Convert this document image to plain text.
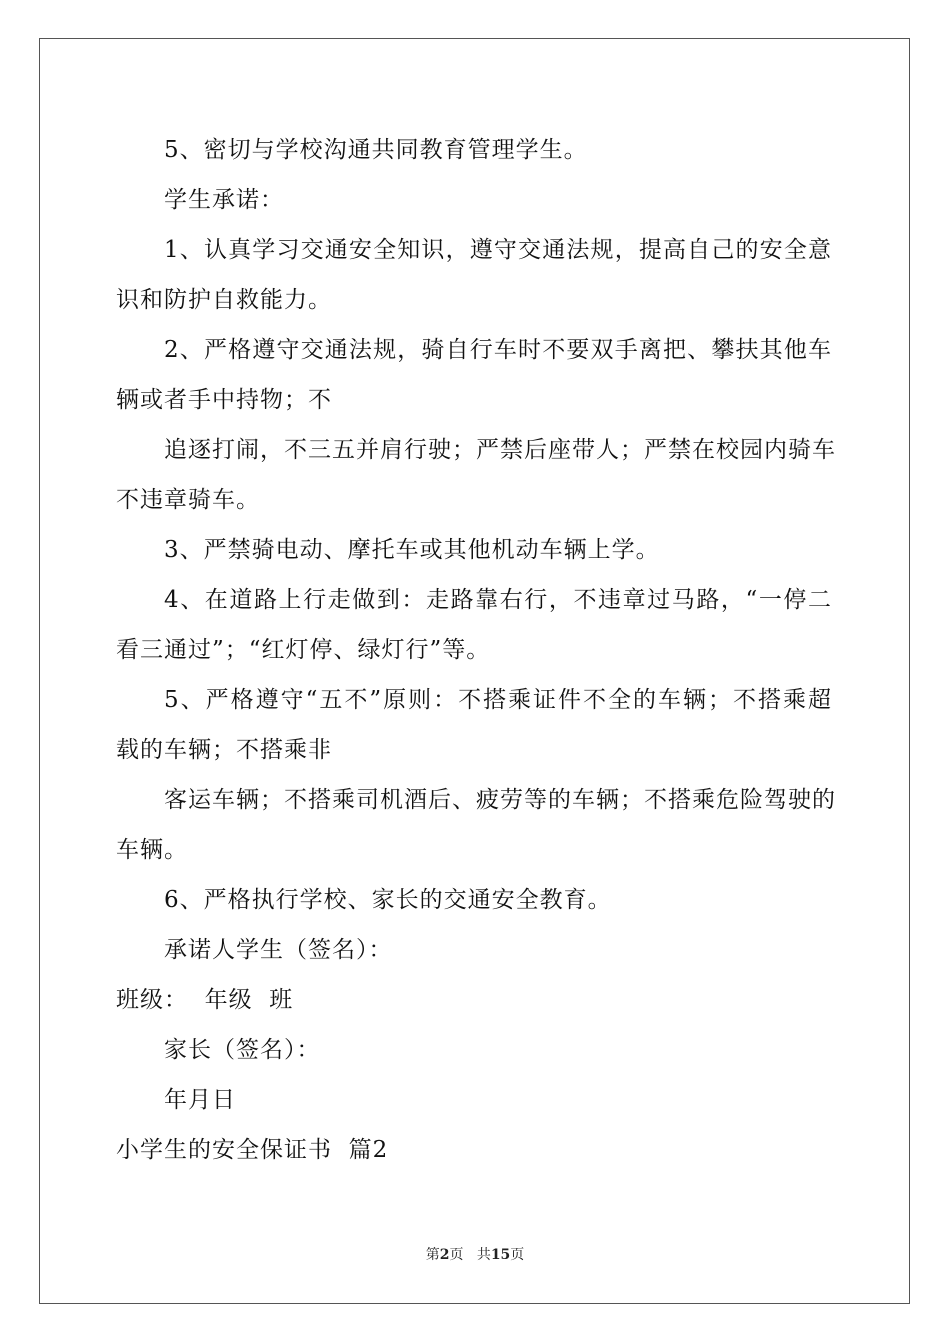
5、密切与学校沟通共同教育管理学生。
学生承诺：
1、认真学习交通安全知识，遵守交通法规，提高自己的安全意
识和防护自救能力。
2、严格遵守交通法规，骑自行车时不要双手离把、攀扶其他车
辆或者手中持物；不
追逐打闹，不三五并肩行驶；严禁后座带人；严禁在校园内骑车
不违章骑车。
3、严禁骑电动、摩托车或其他机动车辆上学。
4、在道路上行走做到：走路靠右行，不违章过马路，“一停二
看三通过”；“红灯停、绿灯行”等。
5、严格遵守“五不”原则：不搭乘证件不全的车辆；不搭乘超
载的车辆；不搭乘非
客运车辆；不搭乘司机酒后、疲劳等的车辆；不搭乘危险驾驶的
车辆。
6、严格执行学校、家长的交通安全教育。
承诺人学生（签名）：
班级：  年级  班
家长（签名）：
年月日
小学生的安全保证书  篇2
第2页 共15页
